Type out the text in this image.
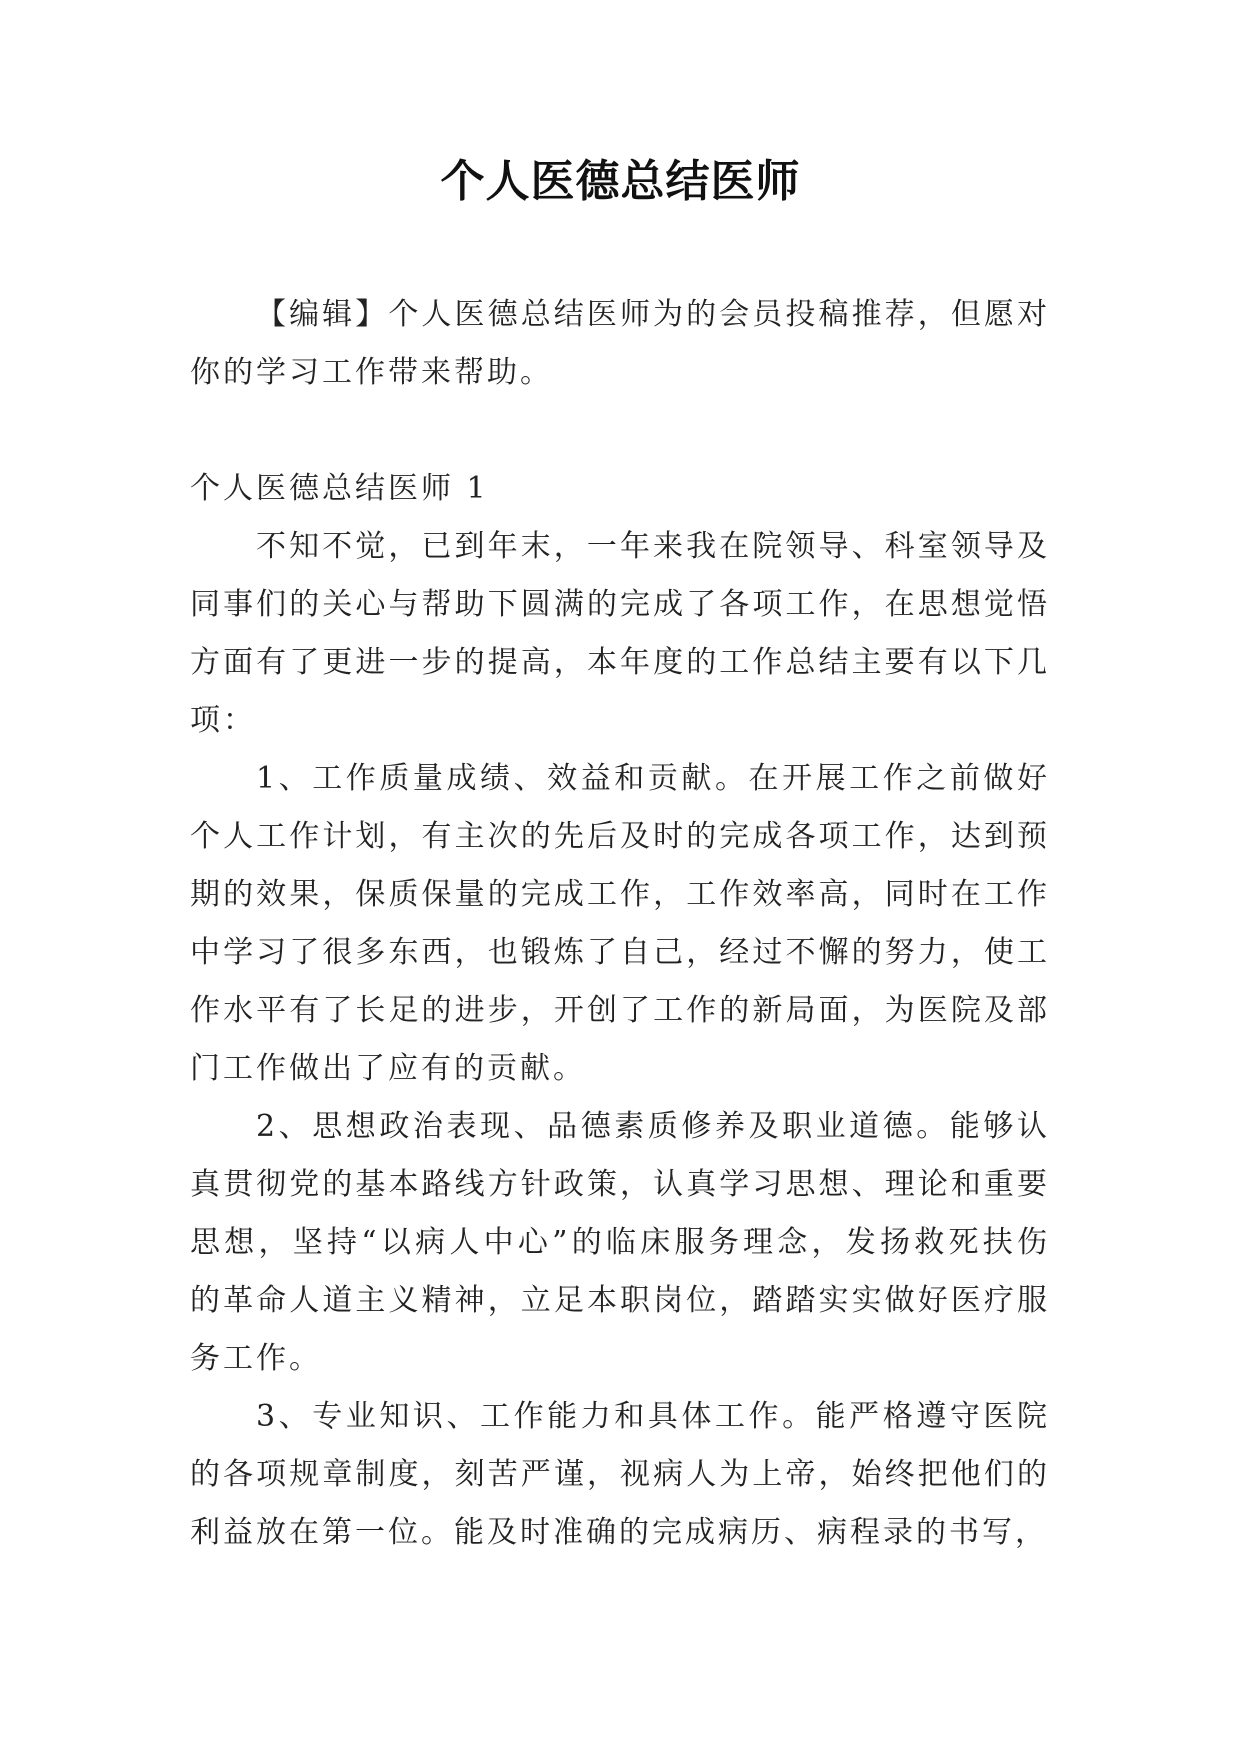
个人医德总结医师

【编辑】个人医德总结医师为的会员投稿推荐，但愿对你的学习工作带来帮助。

个人医德总结医师 1

不知不觉，已到年末，一年来我在院领导、科室领导及同事们的关心与帮助下圆满的完成了各项工作，在思想觉悟方面有了更进一步的提高，本年度的工作总结主要有以下几项：

1、工作质量成绩、效益和贡献。在开展工作之前做好个人工作计划，有主次的先后及时的完成各项工作，达到预期的效果，保质保量的完成工作，工作效率高，同时在工作中学习了很多东西，也锻炼了自己，经过不懈的努力，使工作水平有了长足的进步，开创了工作的新局面，为医院及部门工作做出了应有的贡献。

2、思想政治表现、品德素质修养及职业道德。能够认真贯彻党的基本路线方针政策，认真学习思想、理论和重要思想，坚持“以病人中心”的临床服务理念，发扬救死扶伤的革命人道主义精神，立足本职岗位，踏踏实实做好医疗服务工作。

3、专业知识、工作能力和具体工作。能严格遵守医院的各项规章制度，刻苦严谨，视病人为上帝，始终把他们的利益放在第一位。能及时准确的完成病历、病程录的书写，
